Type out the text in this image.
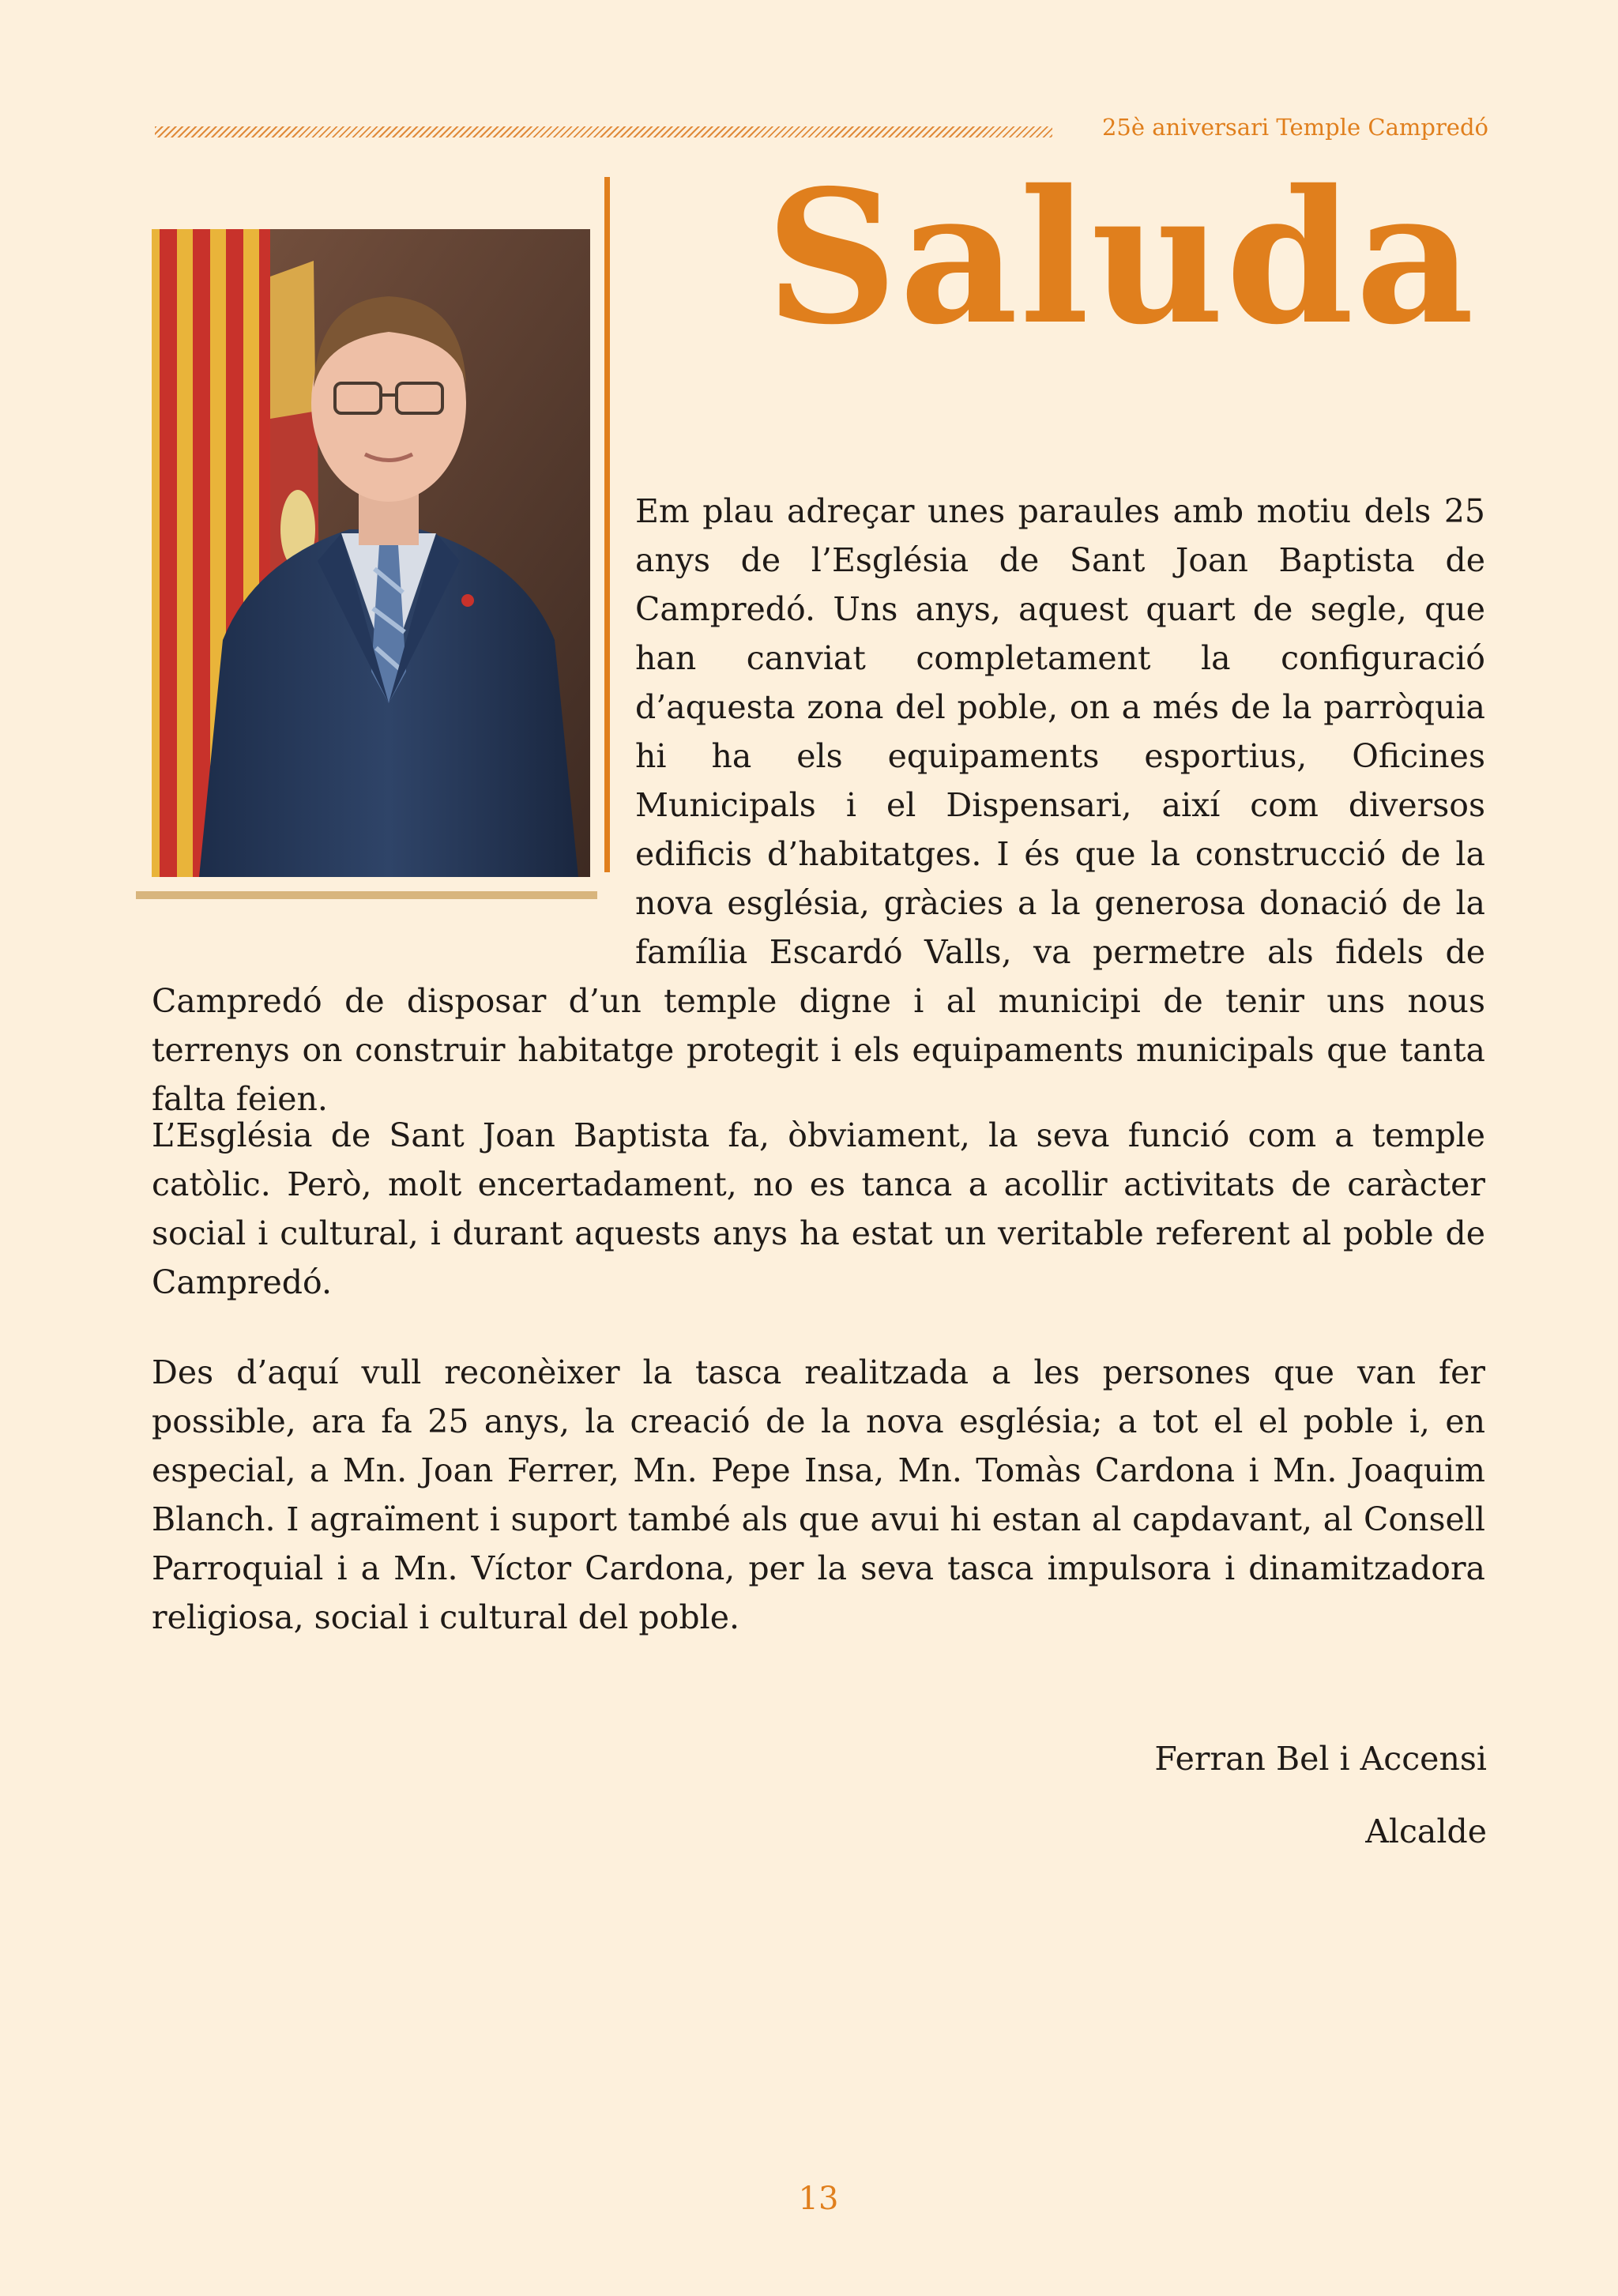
25è aniversari Temple Campredó
Saluda

Em plau adreçar unes paraules amb motiu dels 25 anys de l’Església de Sant Joan Baptista de Campredó. Uns anys, aquest quart de segle, que han canviat completament la configuració d’aquesta zona del poble, on a més de la parròquia hi ha els equipaments esportius, Oficines Municipals i el Dispensari, així com diversos edificis d’habitatges. I és que la construcció de la nova església, gràcies a la generosa donació de la família Escardó Valls, va permetre als fidels de Campredó de disposar d’un temple digne i al municipi de tenir uns nous terrenys on construir habitatge protegit i els equipaments municipals que tanta falta feien.

L’Església de Sant Joan Baptista fa, òbviament, la seva funció com a temple catòlic. Però, molt encertadament, no es tanca a acollir activitats de caràcter social i cultural, i durant aquests anys ha estat un veritable referent al poble de Campredó.

Des d’aquí vull reconèixer la tasca realitzada a les persones que van fer possible, ara fa 25 anys, la creació de la nova església; a tot el el poble i, en especial, a Mn. Joan Ferrer, Mn. Pepe Insa, Mn. Tomàs Cardona i Mn. Joaquim Blanch. I agraïment i suport també als que avui hi estan al capdavant, al Consell Parroquial i a Mn. Víctor Cardona, per la seva tasca impulsora i dinamitzadora religiosa, social i cultural del poble.

Ferran Bel i Accensi
Alcalde
13
